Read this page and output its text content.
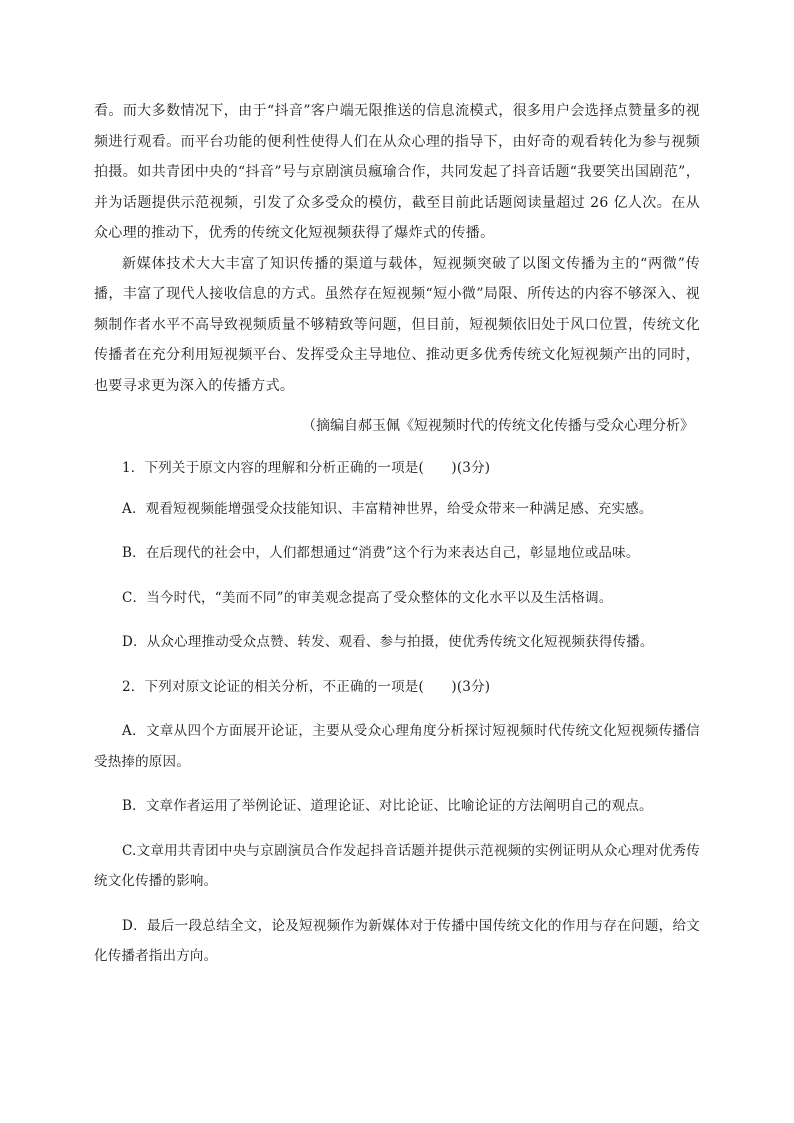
看。而大多数情况下，由于“抖音”客户端无限推送的信息流模式，很多用户会选择点赞量多的视频进行观看。而平台功能的便利性使得人们在从众心理的指导下，由好奇的观看转化为参与视频拍摄。如共青团中央的“抖音”号与京剧演员瘋瑜合作，共同发起了抖音话题“我要笑出国剧范”，并为话题提供示范视频，引发了众多受众的模仿，截至目前此话题阅读量超过 26 亿人次。在从众心理的推动下，优秀的传统文化短视频获得了爆炸式的传播。

新媒体技术大大丰富了知识传播的渠道与载体，短视频突破了以图文传播为主的“两微”传播，丰富了现代人接收信息的方式。虽然存在短视频“短小微”局限、所传达的内容不够深入、视频制作者水平不高导致视频质量不够精致等问题，但目前，短视频依旧处于风口位置，传统文化传播者在充分利用短视频平台、发挥受众主导地位、推动更多优秀传统文化短视频产出的同时，也要寻求更为深入的传播方式。

（摘编自郝玉佩《短视频时代的传统文化传播与受众心理分析》

1．下列关于原文内容的理解和分析正确的一项是(　　)(3分)

A．观看短视频能增强受众技能知识、丰富精神世界，给受众带来一种满足感、充实感。

B．在后现代的社会中，人们都想通过“消费”这个行为来表达自己，彰显地位或品味。

C．当今时代，“美而不同”的审美观念提高了受众整体的文化水平以及生活格调。

D．从众心理推动受众点赞、转发、观看、参与拍摄，使优秀传统文化短视频获得传播。

2．下列对原文论证的相关分析，不正确的一项是(　　)(3分)

A．文章从四个方面展开论证，主要从受众心理角度分析探讨短视频时代传统文化短视频传播信受热捧的原因。

B．文章作者运用了举例论证、道理论证、对比论证、比喻论证的方法阐明自己的观点。

C.文章用共青团中央与京剧演员合作发起抖音话题并提供示范视频的实例证明从众心理对优秀传统文化传播的影响。

D．最后一段总结全文，论及短视频作为新媒体对于传播中国传统文化的作用与存在问题，给文化传播者指出方向。
